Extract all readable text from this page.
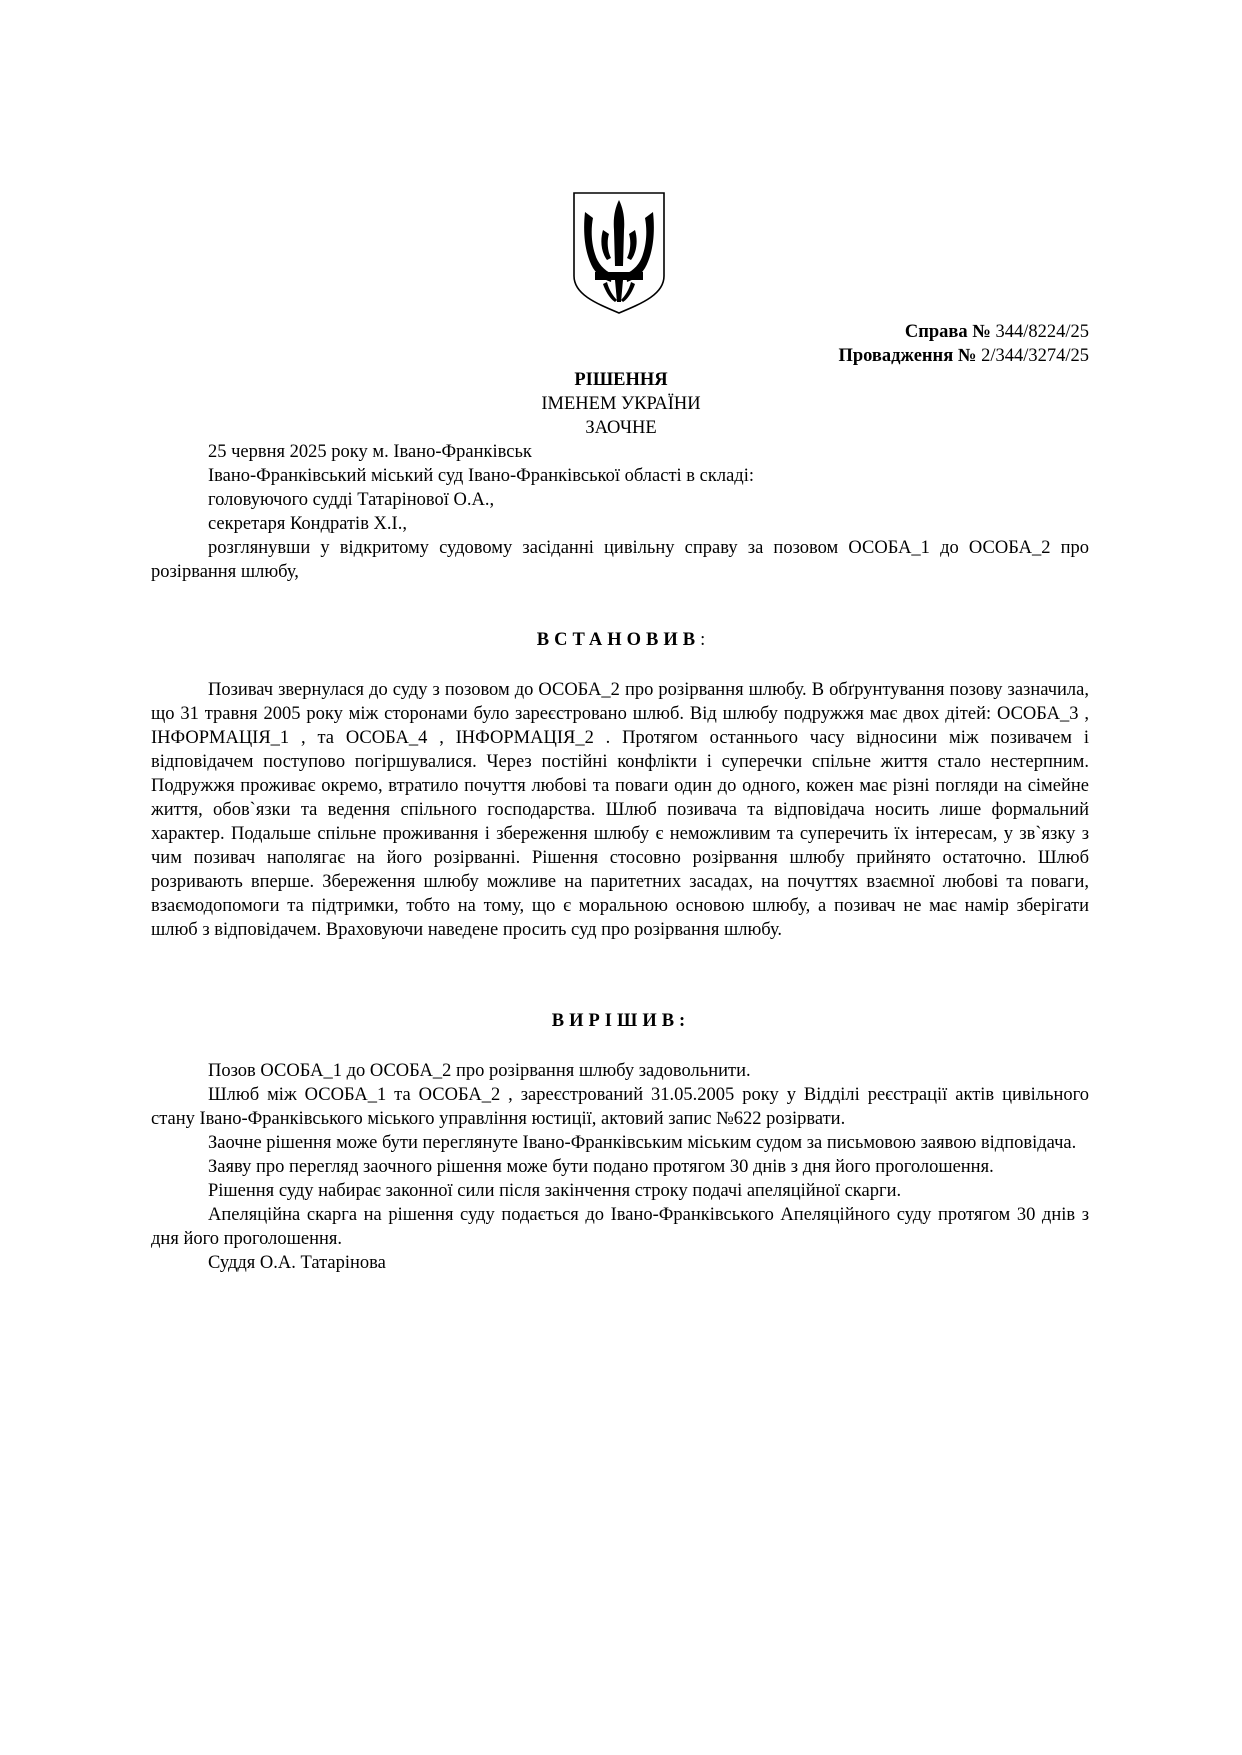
Справа № 344/8224/25
Провадження № 2/344/3274/25
РІШЕННЯ
ІМЕНЕМ УКРАЇНИ
ЗАОЧНЕ

25 червня 2025 року м. Івано-Франківськ

Івано-Франківський міський суд Івано-Франківської області в складі:

головуючого судді Татарінової О.А.,

секретаря Кондратів Х.І.,

розглянувши у відкритому судовому засіданні цивільну справу за позовом ОСОБА_1 до ОСОБА_2 про розірвання шлюбу,

ВСТАНОВИВ:

Позивач звернулася до суду з позовом до ОСОБА_2 про розірвання шлюбу. В обґрунтування позову зазначила, що 31 травня 2005 року між сторонами було зареєстровано шлюб. Від шлюбу подружжя має двох дітей: ОСОБА_3 , ІНФОРМАЦІЯ_1 , та ОСОБА_4 , ІНФОРМАЦІЯ_2 . Протягом останнього часу відносини між позивачем і відповідачем поступово погіршувалися. Через постійні конфлікти і суперечки спільне життя стало нестерпним. Подружжя проживає окремо, втратило почуття любові та поваги один до одного, кожен має різні погляди на сімейне життя, обов`язки та ведення спільного господарства. Шлюб позивача та відповідача носить лише формальний характер. Подальше спільне проживання і збереження шлюбу є неможливим та суперечить їх інтересам, у зв`язку з чим позивач наполягає на його розірванні. Рішення стосовно розірвання шлюбу прийнято остаточно. Шлюб розривають вперше. Збереження шлюбу можливе на паритетних засадах, на почуттях взаємної любові та поваги, взаємодопомоги та підтримки, тобто на тому, що є моральною основою шлюбу, а позивач не має намір зберігати шлюб з відповідачем. Враховуючи наведене просить суд про розірвання шлюбу.

ВИРІШИВ:

Позов ОСОБА_1 до ОСОБА_2 про розірвання шлюбу задовольнити.

Шлюб між ОСОБА_1 та ОСОБА_2 , зареєстрований 31.05.2005 року у Відділі реєстрації актів цивільного стану Івано-Франківського міського управління юстиції, актовий запис №622 розірвати.

Заочне рішення може бути переглянуте Івано-Франківським міським судом за письмовою заявою відповідача.

Заяву про перегляд заочного рішення може бути подано протягом 30 днів з дня його проголошення.

Рішення суду набирає законної сили після закінчення строку подачі апеляційної скарги.

Апеляційна скарга на рішення суду подається до Івано-Франківського Апеляційного суду протягом 30 днів з дня його проголошення.

Суддя О.А. Татарінова
